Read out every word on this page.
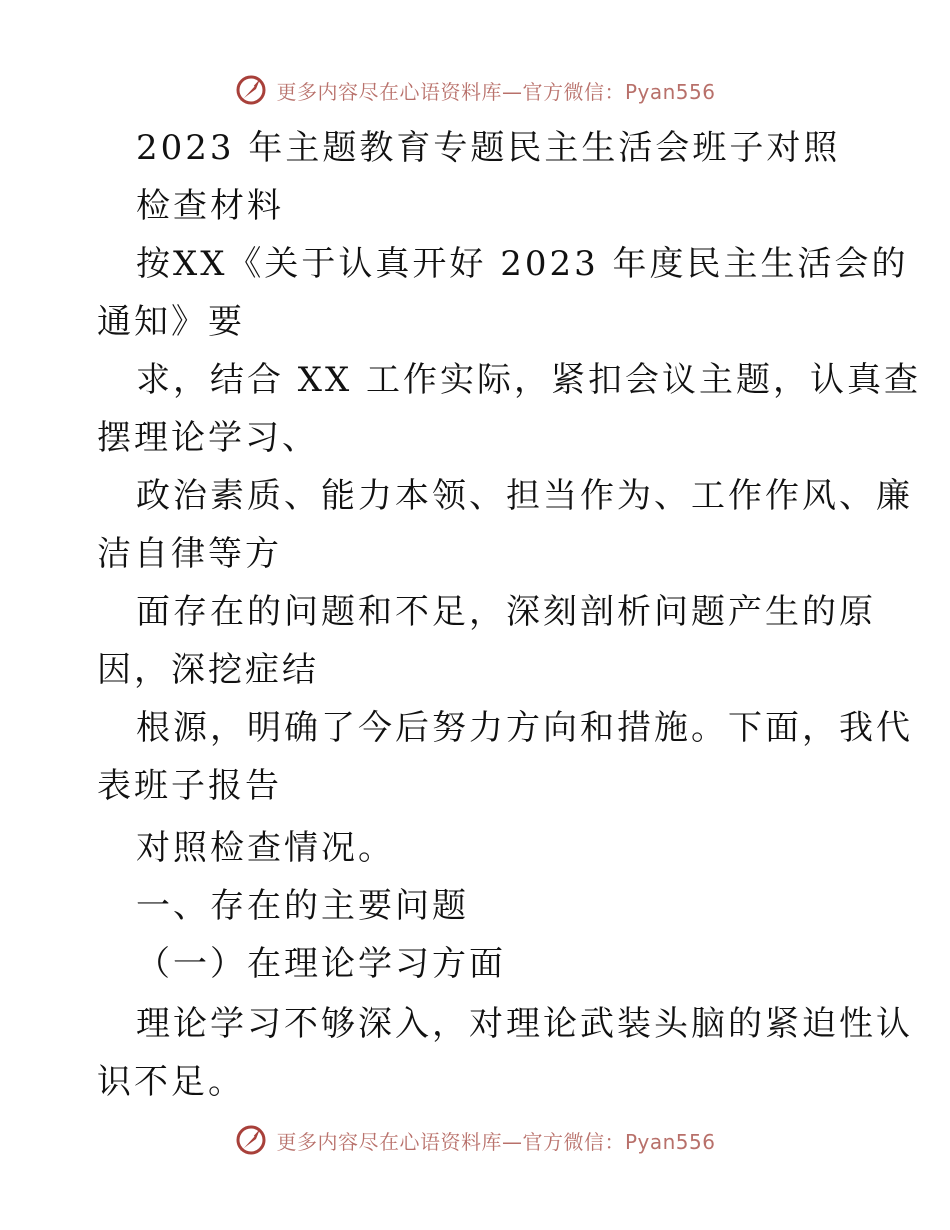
更多内容尽在心语资料库—官方微信：Pyan556
2023 年主题教育专题民主生活会班子对照
检查材料
按XX《关于认真开好 2023 年度民主生活会的
通知》要
求，结合 XX 工作实际，紧扣会议主题，认真查
摆理论学习、
政治素质、能力本领、担当作为、工作作风、廉
洁自律等方
面存在的问题和不足，深刻剖析问题产生的原
因，深挖症结
根源，明确了今后努力方向和措施。下面，我代
表班子报告
对照检查情况。
一、存在的主要问题
（一）在理论学习方面
理论学习不够深入，对理论武装头脑的紧迫性认
识不足。
更多内容尽在心语资料库—官方微信：Pyan556
